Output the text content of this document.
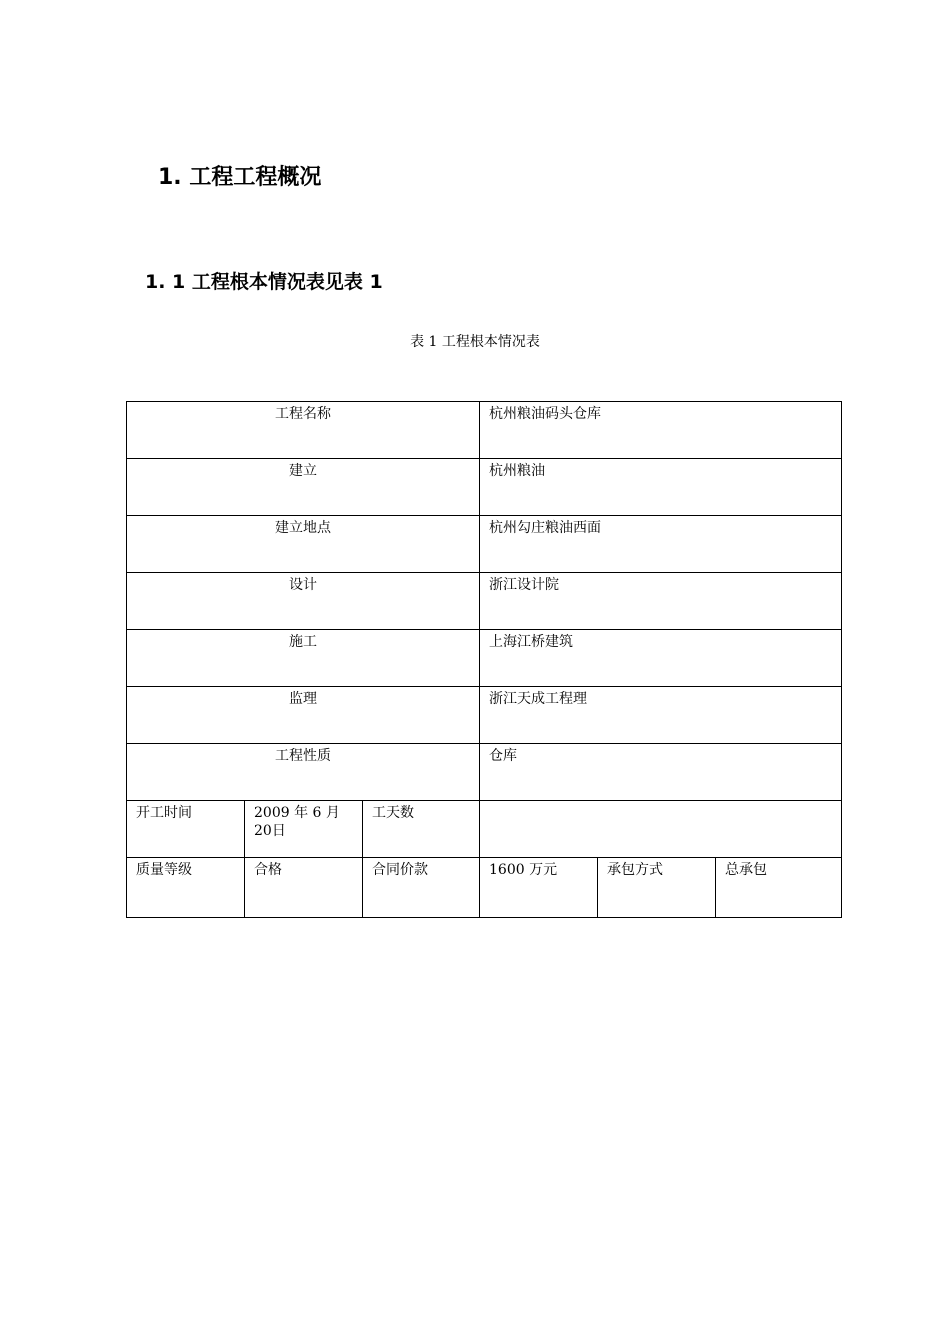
1. 工程工程概况
1. 1 工程根本情况表见表 1
表 1 工程根本情况表
工程名称			杭州粮油码头仓库		
建立			杭州粮油		
建立地点			杭州勾庄粮油西面		
设计			浙江设计院		
施工			上海江桥建筑		
监理			浙江天成工程理		
工程性质			仓库		
开工时间	2009 年 6 月 20日	工天数			
质量等级	合格	合同价款	1600 万元	承包方式	总承包
